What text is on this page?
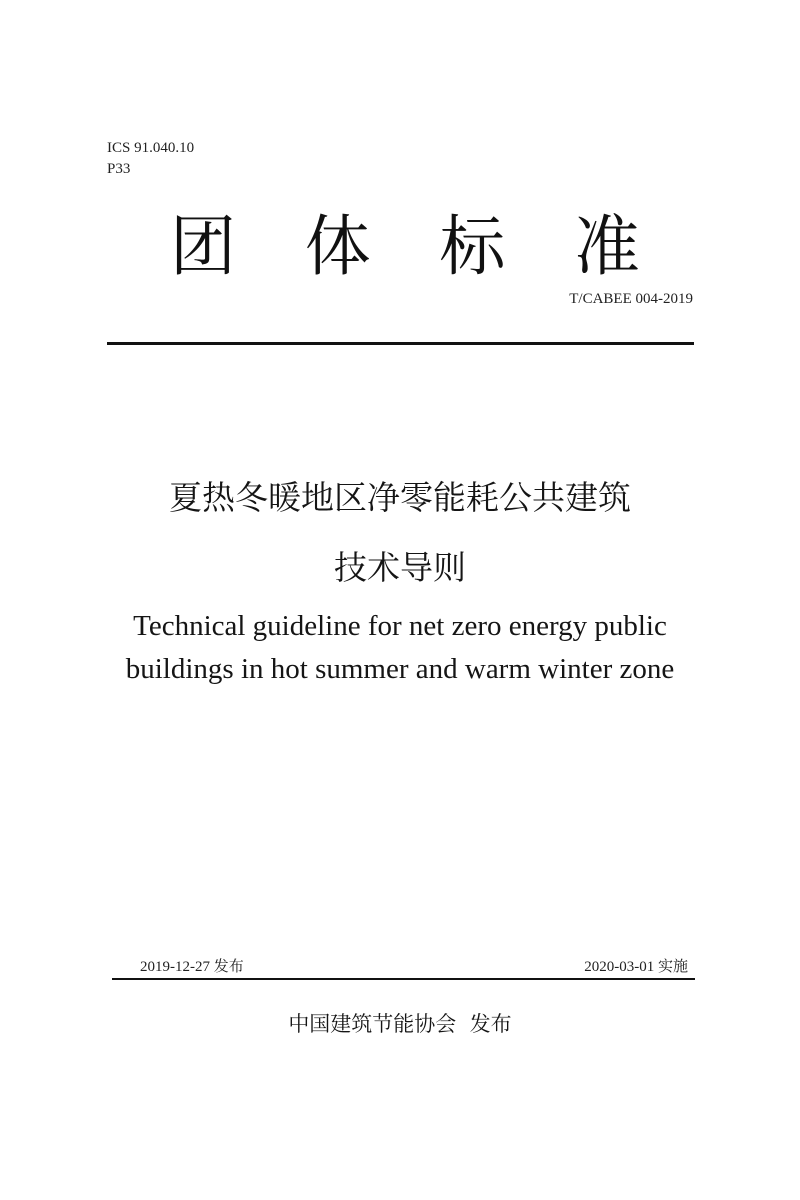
ICS 91.040.10
P33
团 体 标 准
T/CABEE 004-2019
夏热冬暖地区净零能耗公共建筑
技术导则
Technical guideline for net zero energy public
buildings in hot summer and warm winter zone
2019-12-27 发布	2020-03-01 实施
中国建筑节能协会  发布
